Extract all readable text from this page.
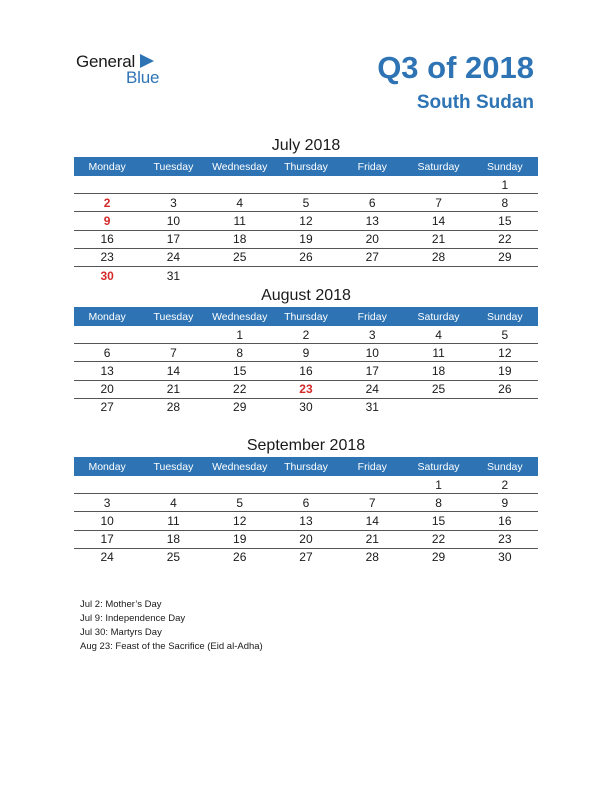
General
Blue	Q3 of 2018
South Sudan
July 2018
Monday	Tuesday	Wednesday	Thursday	Friday	Saturday	Sunday
						1
2	3	4	5	6	7	8
9	10	11	12	13	14	15
16	17	18	19	20	21	22
23	24	25	26	27	28	29
30	31					
August 2018
Monday	Tuesday	Wednesday	Thursday	Friday	Saturday	Sunday
		1	2	3	4	5
6	7	8	9	10	11	12
13	14	15	16	17	18	19
20	21	22	23	24	25	26
27	28	29	30	31		
September 2018
Monday	Tuesday	Wednesday	Thursday	Friday	Saturday	Sunday
					1	2
3	4	5	6	7	8	9
10	11	12	13	14	15	16
17	18	19	20	21	22	23
24	25	26	27	28	29	30
Jul 2: Mother’s Day
Jul 9: Independence Day
Jul 30: Martyrs Day
Aug 23: Feast of the Sacrifice (Eid al-Adha)
